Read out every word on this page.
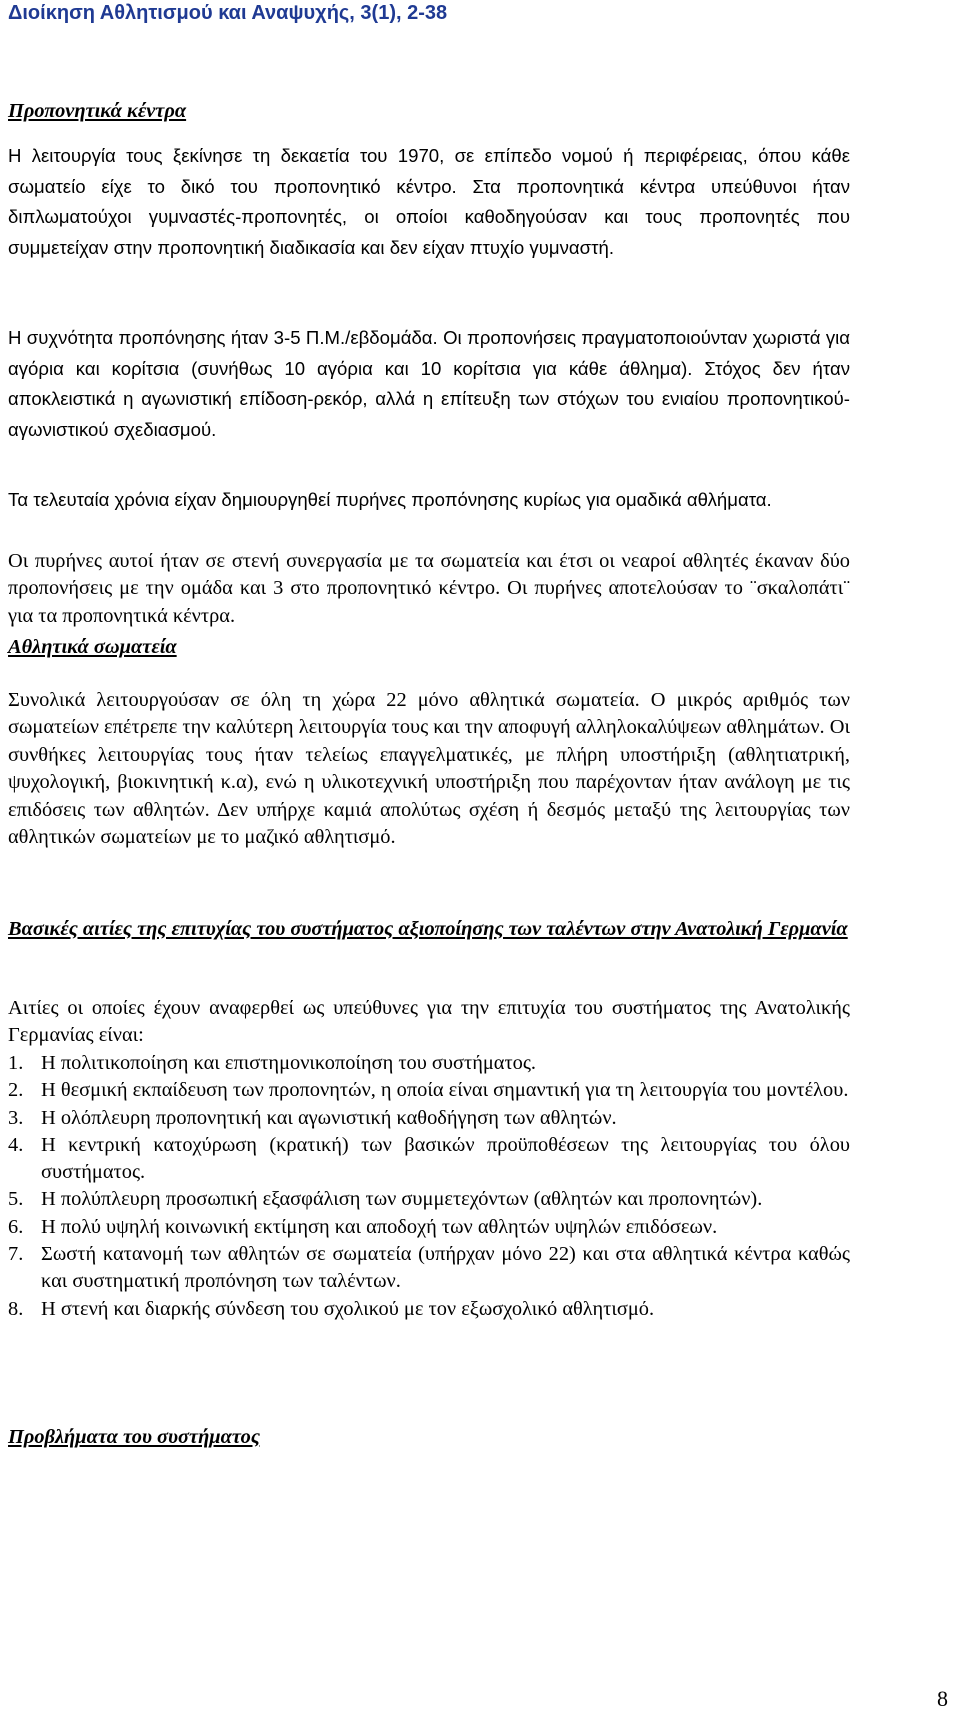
Διοίκηση Αθλητισμού και Αναψυχής, 3(1), 2-38
Προπονητικά κέντρα

Η λειτουργία τους ξεκίνησε τη δεκαετία του 1970, σε επίπεδο νομού ή περιφέρειας, όπου κάθε σωματείο είχε το δικό του προπονητικό κέντρο. Στα προπονητικά κέντρα υπεύθυνοι ήταν διπλωματούχοι γυμναστές-προπονητές, οι οποίοι καθοδηγούσαν και τους προπονητές που συμμετείχαν στην προπονητική διαδικασία και δεν είχαν πτυχίο γυμναστή.

Η συχνότητα προπόνησης ήταν 3-5 Π.Μ./εβδομάδα. Οι προπονήσεις πραγματοποιούνταν χωριστά για αγόρια και κορίτσια (συνήθως 10 αγόρια και 10 κορίτσια για κάθε άθλημα). Στόχος δεν ήταν αποκλειστικά η αγωνιστική επίδοση-ρεκόρ, αλλά η επίτευξη των στόχων του ενιαίου προπονητικού-αγωνιστικού σχεδιασμού.

Τα τελευταία χρόνια είχαν δημιουργηθεί πυρήνες προπόνησης κυρίως για ομαδικά αθλήματα.

Οι πυρήνες αυτοί ήταν σε στενή συνεργασία με τα σωματεία και έτσι οι νεαροί αθλητές έκαναν δύο προπονήσεις με την ομάδα και 3 στο προπονητικό κέντρο. Οι πυρήνες αποτελούσαν το ¨σκαλοπάτι¨ για τα προπονητικά κέντρα.

Αθλητικά σωματεία

Συνολικά λειτουργούσαν σε όλη τη χώρα 22 μόνο αθλητικά σωματεία. Ο μικρός αριθμός των σωματείων επέτρεπε την καλύτερη λειτουργία τους και την αποφυγή αλληλοκαλύψεων αθλημάτων. Οι συνθήκες λειτουργίας τους ήταν τελείως επαγγελματικές, με πλήρη υποστήριξη (αθλητιατρική, ψυχολογική, βιοκινητική κ.α), ενώ η υλικοτεχνική υποστήριξη που παρέχονταν ήταν ανάλογη με τις επιδόσεις των αθλητών. Δεν υπήρχε καμιά απολύτως σχέση ή δεσμός μεταξύ της λειτουργίας των αθλητικών σωματείων με το μαζικό αθλητισμό.

Βασικές αιτίες της επιτυχίας του συστήματος αξιοποίησης των ταλέντων στην Ανατολική Γερμανία

Αιτίες οι οποίες έχουν αναφερθεί ως υπεύθυνες για την επιτυχία του συστήματος της Ανατολικής Γερμανίας είναι:

1. Η πολιτικοποίηση και επιστημονικοποίηση του συστήματος.
2. Η θεσμική εκπαίδευση των προπονητών, η οποία είναι σημαντική για τη λειτουργία του μοντέλου.
3. Η ολόπλευρη προπονητική και αγωνιστική καθοδήγηση των αθλητών.
4. Η κεντρική κατοχύρωση (κρατική) των βασικών προϋποθέσεων της λειτουργίας του όλου συστήματος.
5. Η πολύπλευρη προσωπική εξασφάλιση των συμμετεχόντων (αθλητών και προπονητών).
6. Η πολύ υψηλή κοινωνική εκτίμηση και αποδοχή των αθλητών υψηλών επιδόσεων.
7. Σωστή κατανομή των αθλητών σε σωματεία (υπήρχαν μόνο 22) και στα αθλητικά κέντρα καθώς και συστηματική προπόνηση των ταλέντων.
8. Η στενή και διαρκής σύνδεση του σχολικού με τον εξωσχολικό αθλητισμό.
Προβλήματα του συστήματος
8
